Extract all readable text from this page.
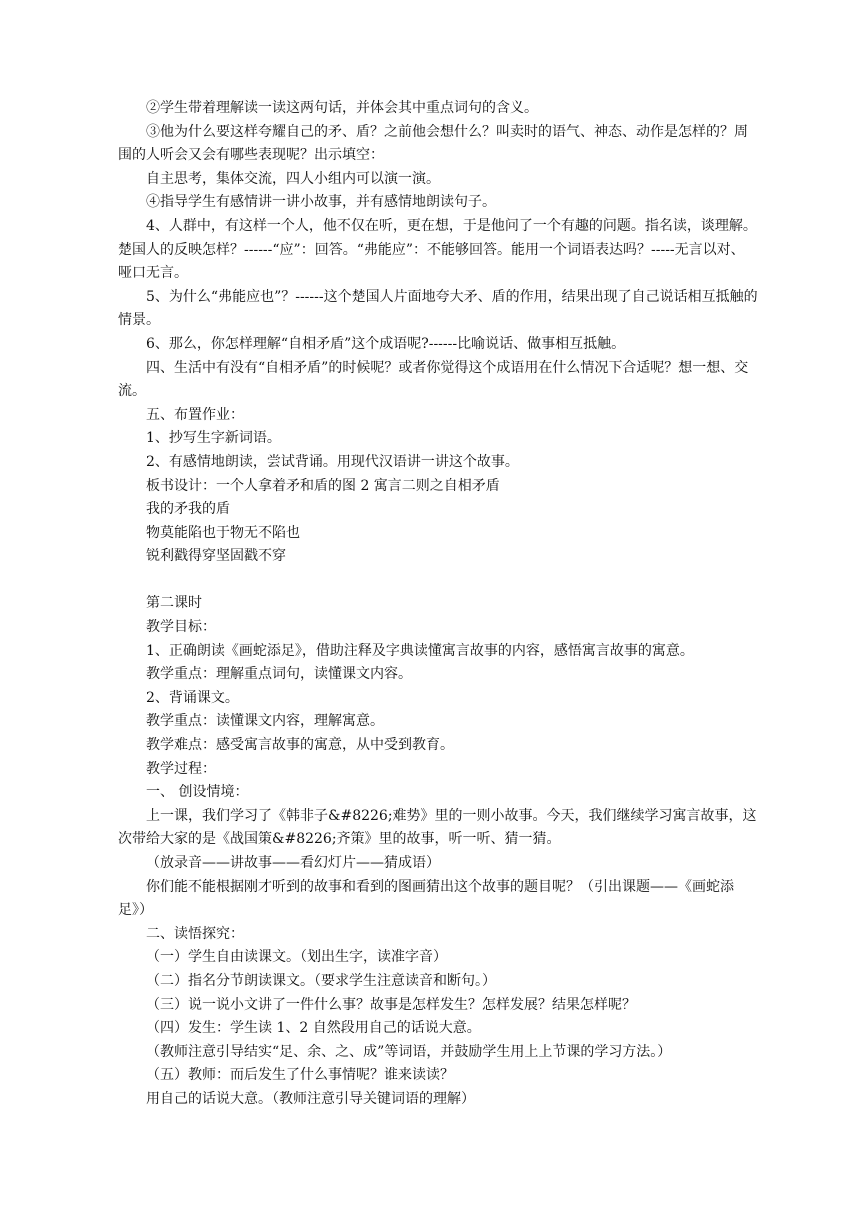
②学生带着理解读一读这两句话，并体会其中重点词句的含义。

③他为什么要这样夸耀自己的矛、盾？之前他会想什么？叫卖时的语气、神态、动作是怎样的？周围的人听会又会有哪些表现呢？出示填空：

自主思考，集体交流，四人小组内可以演一演。

④指导学生有感情讲一讲小故事，并有感情地朗读句子。

4、人群中，有这样一个人，他不仅在听，更在想，于是他问了一个有趣的问题。指名读，谈理解。楚国人的反映怎样？------“应”：回答。“弗能应”：不能够回答。能用一个词语表达吗？-----无言以对、哑口无言。

5、为什么“弗能应也”？------这个楚国人片面地夸大矛、盾的作用，结果出现了自己说话相互抵触的情景。

6、那么，你怎样理解“自相矛盾”这个成语呢?------比喻说话、做事相互抵触。

四、生活中有没有“自相矛盾”的时候呢？或者你觉得这个成语用在什么情况下合适呢？想一想、交流。

五、布置作业：

1、抄写生字新词语。

2、有感情地朗读，尝试背诵。用现代汉语讲一讲这个故事。

板书设计：一个人拿着矛和盾的图 2 寓言二则之自相矛盾

我的矛我的盾

物莫能陷也于物无不陷也

锐利戳得穿坚固戳不穿

第二课时

教学目标：

1、正确朗读《画蛇添足》，借助注释及字典读懂寓言故事的内容，感悟寓言故事的寓意。

教学重点：理解重点词句，读懂课文内容。

2、背诵课文。

教学重点：读懂课文内容，理解寓意。

教学难点：感受寓言故事的寓意，从中受到教育。

教学过程：

一、 创设情境：

上一课，我们学习了《韩非子&#8226;难势》里的一则小故事。今天，我们继续学习寓言故事，这次带给大家的是《战国策&#8226;齐策》里的故事，听一听、猜一猜。

（放录音——讲故事——看幻灯片——猜成语）

你们能不能根据刚才听到的故事和看到的图画猜出这个故事的题目呢？（引出课题——《画蛇添足》）

二、读悟探究：

（一）学生自由读课文。（划出生字，读准字音）

（二）指名分节朗读课文。（要求学生注意读音和断句。）

（三）说一说小文讲了一件什么事？故事是怎样发生？怎样发展？结果怎样呢？

（四）发生：学生读 1、2 自然段用自己的话说大意。

（教师注意引导结实“足、余、之、成”等词语，并鼓励学生用上上节课的学习方法。）

（五）教师：而后发生了什么事情呢？谁来读读？

用自己的话说大意。（教师注意引导关键词语的理解）
